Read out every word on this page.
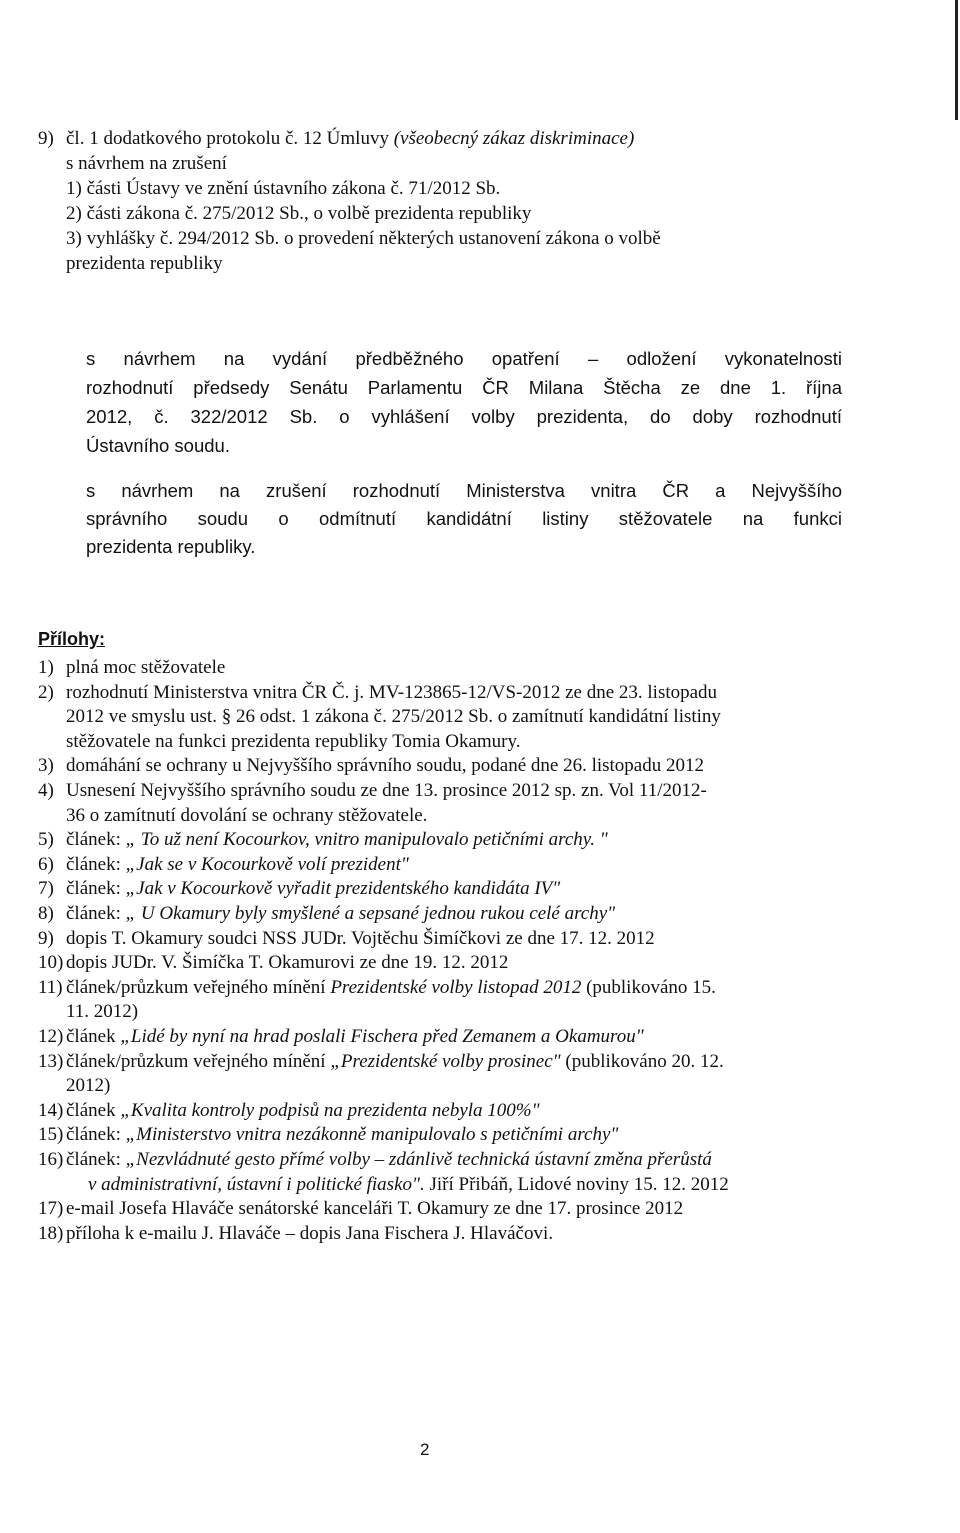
9) čl. 1 dodatkového protokolu č. 12 Úmluvy (všeobecný zákaz diskriminace)
s návrhem na zrušení
1) části Ústavy ve znění ústavního zákona č. 71/2012 Sb.
2) části zákona č. 275/2012 Sb., o volbě prezidenta republiky
3) vyhlášky č. 294/2012 Sb. o provedení některých ustanovení zákona o volbě
prezidenta republiky
s návrhem na vydání předběžného opatření – odložení vykonatelnosti
rozhodnutí předsedy Senátu Parlamentu ČR Milana Štěcha ze dne 1. října
2012, č. 322/2012 Sb. o vyhlášení volby prezidenta, do doby rozhodnutí
Ústavního soudu.
s návrhem na zrušení rozhodnutí Ministerstva vnitra ČR a Nejvyššího
správního soudu o odmítnutí kandidátní listiny stěžovatele na funkci
prezidenta republiky.
Přílohy:
1) plná moc stěžovatele
2) rozhodnutí Ministerstva vnitra ČR Č. j. MV-123865-12/VS-2012 ze dne 23. listopadu
2012 ve smyslu ust. § 26 odst. 1 zákona č. 275/2012 Sb. o zamítnutí kandidátní listiny
stěžovatele na funkci prezidenta republiky Tomia Okamury.
3) domáhání se ochrany u Nejvyššího správního soudu, podané dne 26. listopadu 2012
4) Usnesení Nejvyššího správního soudu ze dne 13. prosince 2012 sp. zn. Vol 11/2012-
36 o zamítnutí dovolání se ochrany stěžovatele.
5) článek: „ To už není Kocourkov, vnitro manipulovalo petičními archy. "
6) článek: „Jak se v Kocourkově volí prezident"
7) článek: „Jak v Kocourkově vyřadit prezidentského kandidáta IV"
8) článek: „ U Okamury byly smyšlené a sepsané jednou rukou celé archy"
9) dopis T. Okamury soudci NSS JUDr. Vojtěchu Šimíčkovi ze dne 17. 12. 2012
10) dopis JUDr. V. Šimíčka T. Okamurovi ze dne 19. 12. 2012
11) článek/průzkum veřejného mínění Prezidentské volby listopad 2012 (publikováno 15.
11. 2012)
12) článek „Lidé by nyní na hrad poslali Fischera před Zemanem a Okamurou"
13) článek/průzkum veřejného mínění „Prezidentské volby prosinec" (publikováno 20. 12.
2012)
14) článek „Kvalita kontroly podpisů na prezidenta nebyla 100%"
15) článek: „Ministerstvo vnitra nezákonně manipulovalo s petičními archy"
16) článek: „Nezvládnuté gesto přímé volby – zdánlivě technická ústavní změna přerůstá
v administrativní, ústavní i politické fiasko". Jiří Přibáň, Lidové noviny 15. 12. 2012
17) e-mail Josefa Hlaváče senátorské kanceláři T. Okamury ze dne 17. prosince 2012
18) příloha k e-mailu J. Hlaváče – dopis Jana Fischera J. Hlaváčovi.
2
